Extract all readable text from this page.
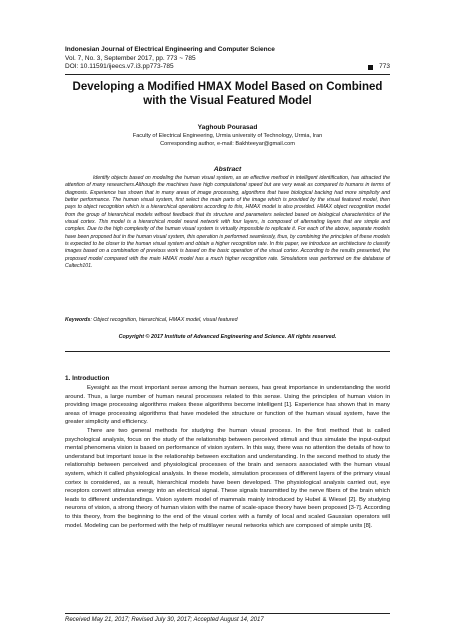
Indonesian Journal of Electrical Engineering and Computer Science
Vol. 7, No. 3, September 2017, pp. 773 ~ 785
DOI: 10.11591/ijeecs.v7.i3.pp773-785	773
Developing a Modified HMAX Model Based on Combined with the Visual Featured Model
Yaghoub Pourasad
Faculty of Electrical Engineering, Urmia university of Technology, Urmia, Iran
Corresponding author, e-mail: Bakhteeyar@gmail.com
Abstract
Identify objects based on modeling the human visual system, as an effective method in intelligent identification, has attracted the attention of many researchers.Although the machines have high computational speed but are very weak as compared to humans in terms of diagnosis. Experience has shown that in many areas of image processing, algorithms that have biological backing had more simplicity and better performance. The human visual system, first select the main parts of the image which is provided by the visual featured model, then pays to object recognition which is a hierarchical operations according to this, HMAX model is also provided. HMAX object recognition model from the group of hierarchical models without feedback that its structure and parameters selected based on biological characteristics of the visual cortex. This model is a hierarchical model neural network with four layers, is composed of alternating layers that are simple and complex. Due to the high complexity of the human visual system is virtually impossible to replicate it. For each of the above, separate models have been proposed but in the human visual system, this operation is performed seamlessly, thus, by combining the principles of these models is expected to be closer to the human visual system and obtain a higher recognition rate. In this paper, we introduce an architecture to classify images based on a combination of previous work is based on the basic operation of the visual cortex. According to the results presented, the proposed model compared with the main HMAX model has a much higher recognition rate. Simulations was performed on the database of Caltech101.
Keywords: Object recognition, hierarchical, HMAX model, visual featured
Copyright © 2017 Institute of Advanced Engineering and Science. All rights reserved.
1. Introduction

Eyesight as the most important sense among the human senses, has great importance in understanding the world around. Thus, a large number of human neural processes related to this sense. Using the principles of human vision in providing image processing algorithms makes these algorithms become intelligent [1]. Experience has shown that in many areas of image processing algorithms that have modeled the structure or function of the human visual system, have the greater simplicity and efficiency.

There are two general methods for studying the human visual process. In the first method that is called psychological analysis, focus on the study of the relationship between perceived stimuli and thus simulate the input-output mental phenomena vision is based on performance of vision system. In this way, there was no attention the details of how to understand but important issue is the relationship between excitation and understanding. In the second method to study the relationship between perceived and physiological processes of the brain and sensors associated with the human visual system, which it called physiological analysis. In these models, simulation processes of different layers of the primary visual cortex is considered, as a result, hierarchical models have been developed. The physiological analysis carried out, eye receptors convert stimulus energy into an electrical signal. These signals transmitted by the nerve fibers of the brain which leads to different understandings. Vision system model of mammals mainly introduced by Hubel & Wiesel [2]. By studying neurons of vision, a strong theory of human vision with the name of scale-space theory have been proposed [3-7]. According to this theory, from the beginning to the end of the visual cortex with a family of local and scaled Gaussian operators will model. Modeling can be performed with the help of multilayer neural networks which are composed of simple units [8].

Received May 21, 2017; Revised July 30, 2017; Accepted August 14, 2017
